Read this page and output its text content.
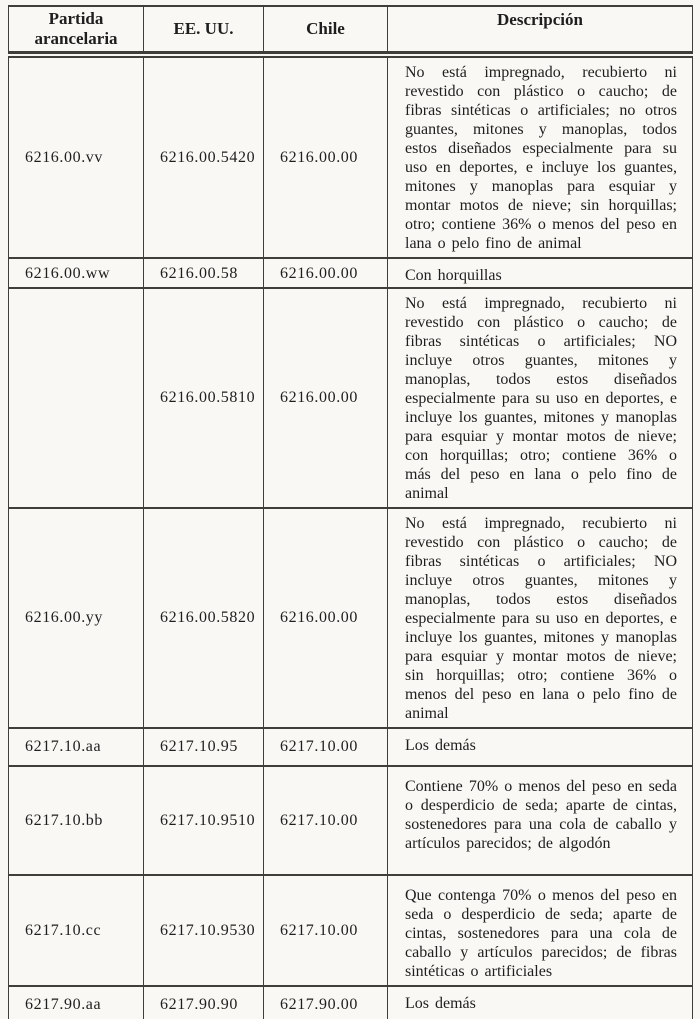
Partida arancelaria	EE. UU.	Chile	Descripción
6216.00.vv	6216.00.5420	6216.00.00	No está impregnado, recubierto ni revestido con plástico o caucho; de fibras sintéticas o artificiales; no otros guantes, mitones y manoplas, todos estos diseñados especialmente para su uso en deportes, e incluye los guantes, mitones y manoplas para esquiar y montar motos de nieve; sin horquillas; otro; contiene 36% o menos del peso en lana o pelo fino de animal
6216.00.ww	6216.00.58	6216.00.00	Con horquillas
	6216.00.5810	6216.00.00	No está impregnado, recubierto ni revestido con plástico o caucho; de fibras sintéticas o artificiales; NO incluye otros guantes, mitones y manoplas, todos estos diseñados especialmente para su uso en deportes, e incluye los guantes, mitones y manoplas para esquiar y montar motos de nieve; con horquillas; otro; contiene 36% o más del peso en lana o pelo fino de animal
6216.00.yy	6216.00.5820	6216.00.00	No está impregnado, recubierto ni revestido con plástico o caucho; de fibras sintéticas o artificiales; NO incluye otros guantes, mitones y manoplas, todos estos diseñados especialmente para su uso en deportes, e incluye los guantes, mitones y manoplas para esquiar y montar motos de nieve; sin horquillas; otro; contiene 36% o menos del peso en lana o pelo fino de animal
6217.10.aa	6217.10.95	6217.10.00	Los demás
6217.10.bb	6217.10.9510	6217.10.00	Contiene 70% o menos del peso en seda o desperdicio de seda; aparte de cintas, sostenedores para una cola de caballo y artículos parecidos; de algodón
6217.10.cc	6217.10.9530	6217.10.00	Que contenga 70% o menos del peso en seda o desperdicio de seda; aparte de cintas, sostenedores para una cola de caballo y artículos parecidos; de fibras sintéticas o artificiales
6217.90.aa	6217.90.90	6217.90.00	Los demás
